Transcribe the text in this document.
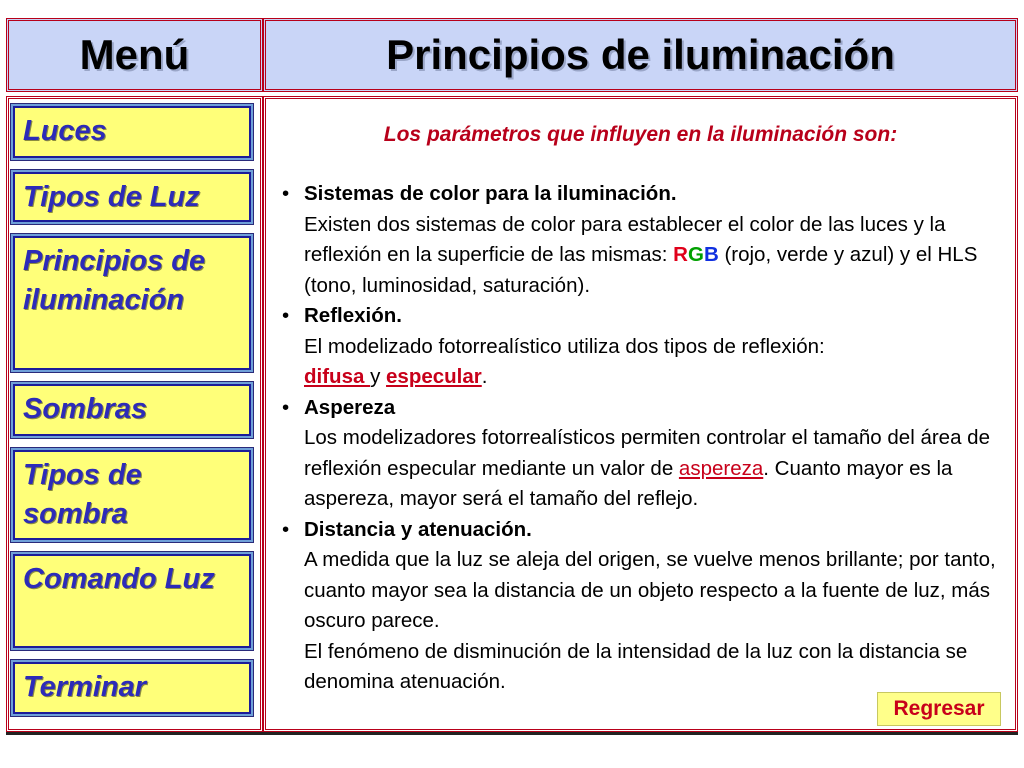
Menú	Principios de iluminación
Luces
Tipos de Luz
Principios de iluminación
Sombras
Tipos de sombra
Comando Luz
Terminar
Los parámetros que influyen en la iluminación son:
• Sistemas de color para la iluminación.
Existen dos sistemas de color para establecer el color de las luces y la reflexión en la superficie de las mismas: RGB (rojo, verde y azul) y el HLS (tono, luminosidad, saturación).
• Reflexión.
El modelizado fotorrealístico utiliza dos tipos de reflexión:
difusa y especular.
• Aspereza
Los modelizadores fotorrealísticos permiten controlar el tamaño del área de reflexión especular mediante un valor de aspereza. Cuanto mayor es la aspereza, mayor será el tamaño del reflejo.
• Distancia y atenuación.
A medida que la luz se aleja del origen, se vuelve menos brillante; por tanto, cuanto mayor sea la distancia de un objeto respecto a la fuente de luz, más oscuro parece.
El fenómeno de disminución de la intensidad de la luz con la distancia se denomina atenuación.
Regresar
